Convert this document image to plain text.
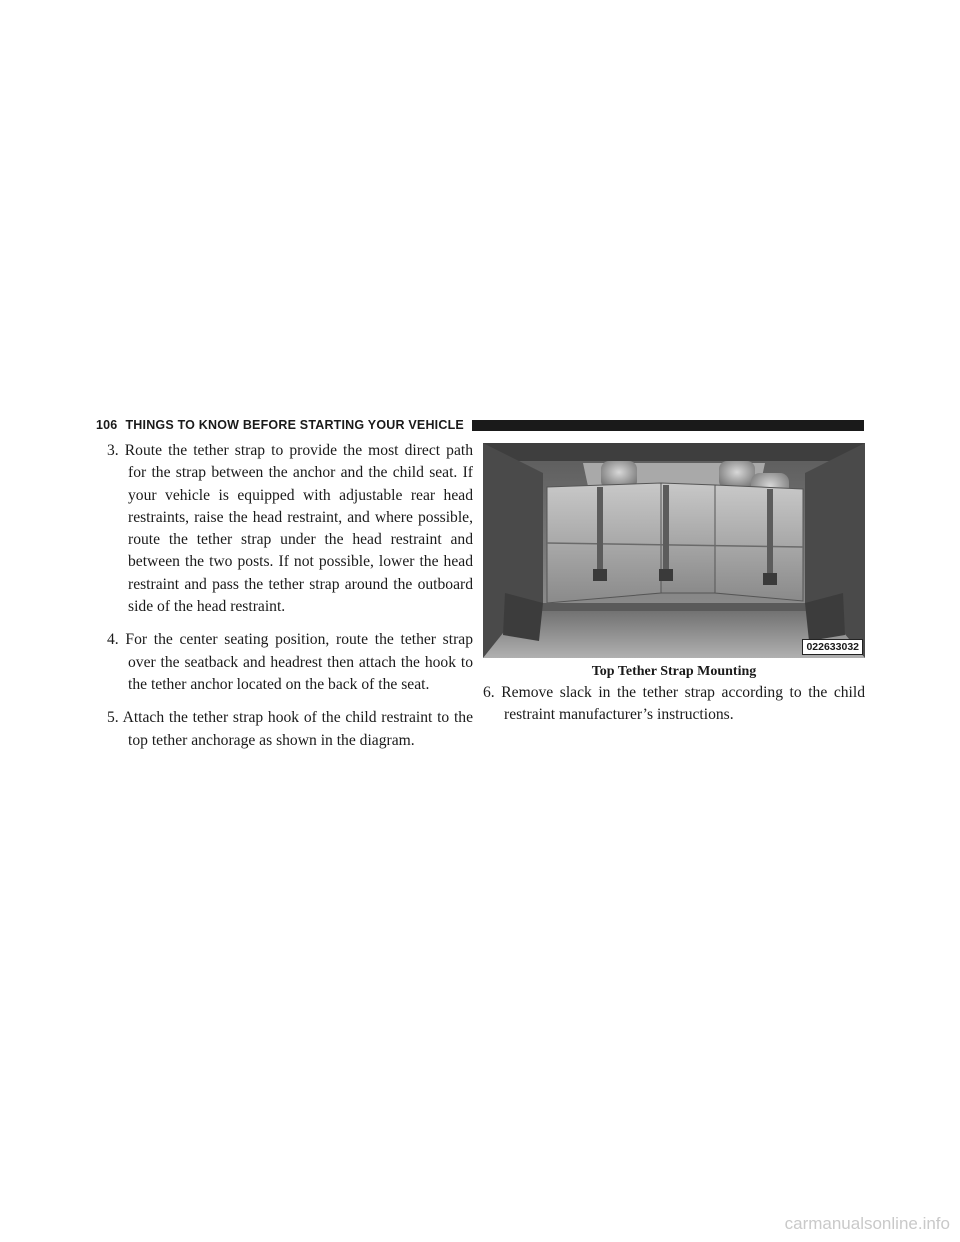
106 THINGS TO KNOW BEFORE STARTING YOUR VEHICLE

3. Route the tether strap to provide the most direct path for the strap between the anchor and the child seat. If your vehicle is equipped with adjustable rear head restraints, raise the head restraint, and where possible, route the tether strap under the head restraint and between the two posts. If not possible, lower the head restraint and pass the tether strap around the outboard side of the head restraint.

4. For the center seating position, route the tether strap over the seatback and headrest then attach the hook to the tether anchor located on the back of the seat.

5. Attach the tether strap hook of the child restraint to the top tether anchorage as shown in the diagram.

022633032
Top Tether Strap Mounting

6. Remove slack in the tether strap according to the child restraint manufacturer’s instructions.

carmanualsonline.info
